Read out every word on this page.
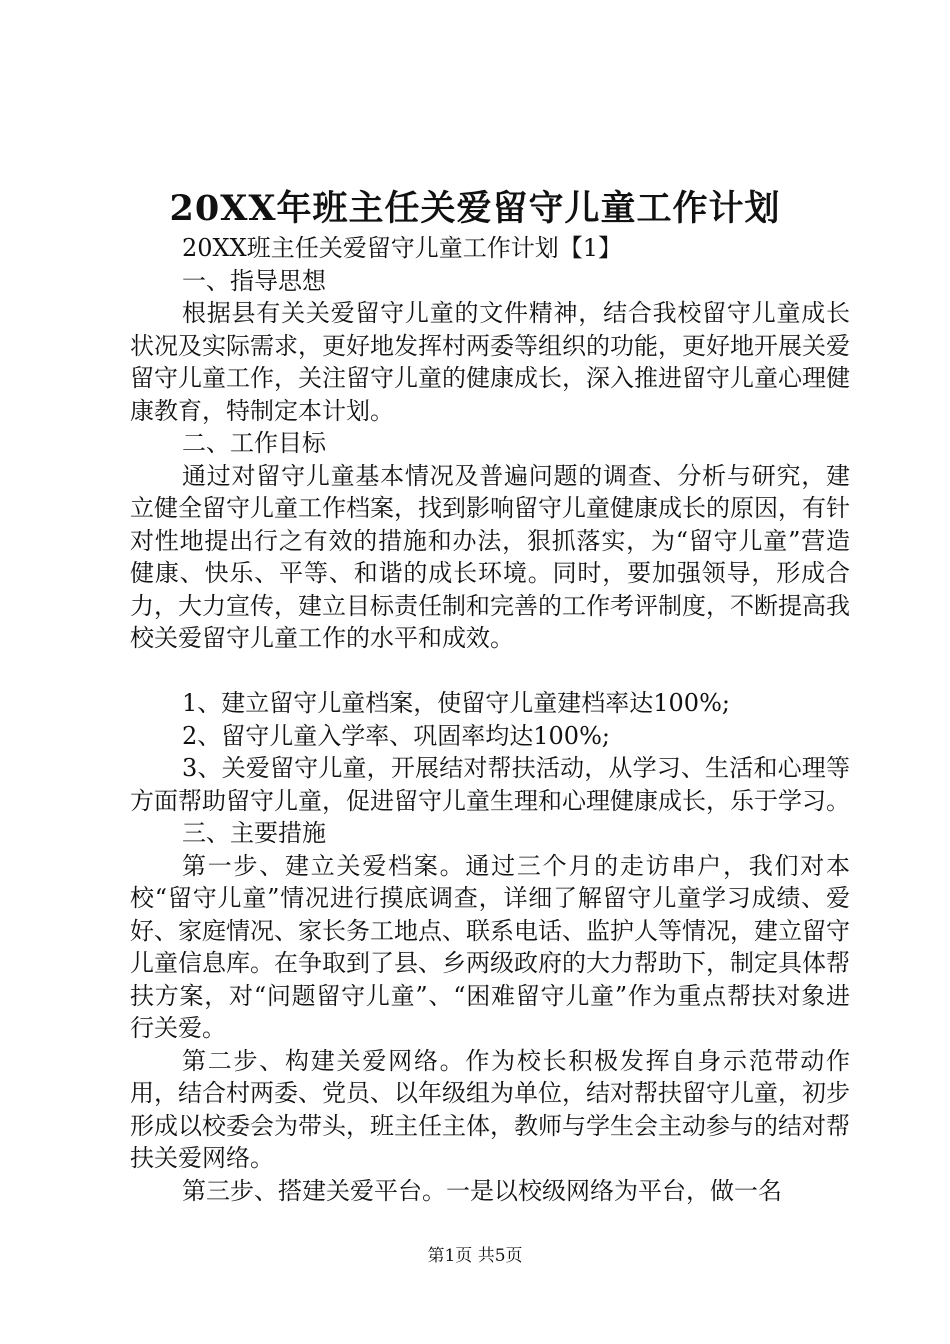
20XX年班主任关爱留守儿童工作计划

20XX班主任关爱留守儿童工作计划【1】

一、指导思想

根据县有关关爱留守儿童的文件精神，结合我校留守儿童成长状况及实际需求，更好地发挥村两委等组织的功能，更好地开展关爱留守儿童工作，关注留守儿童的健康成长，深入推进留守儿童心理健康教育，特制定本计划。

二、工作目标

通过对留守儿童基本情况及普遍问题的调查、分析与研究，建立健全留守儿童工作档案，找到影响留守儿童健康成长的原因，有针对性地提出行之有效的措施和办法，狠抓落实，为“留守儿童”营造健康、快乐、平等、和谐的成长环境。同时，要加强领导，形成合力，大力宣传，建立目标责任制和完善的工作考评制度，不断提高我校关爱留守儿童工作的水平和成效。

1、建立留守儿童档案，使留守儿童建档率达100%;

2、留守儿童入学率、巩固率均达100%;

3、关爱留守儿童，开展结对帮扶活动，从学习、生活和心理等方面帮助留守儿童，促进留守儿童生理和心理健康成长，乐于学习。

三、主要措施

第一步、建立关爱档案。通过三个月的走访串户，我们对本校“留守儿童”情况进行摸底调查，详细了解留守儿童学习成绩、爱好、家庭情况、家长务工地点、联系电话、监护人等情况，建立留守儿童信息库。在争取到了县、乡两级政府的大力帮助下，制定具体帮扶方案，对“问题留守儿童”、“困难留守儿童”作为重点帮扶对象进行关爱。

第二步、构建关爱网络。作为校长积极发挥自身示范带动作用，结合村两委、党员、以年级组为单位，结对帮扶留守儿童，初步形成以校委会为带头，班主任主体，教师与学生会主动参与的结对帮扶关爱网络。

第三步、搭建关爱平台。一是以校级网络为平台，做一名

第1页 共5页
